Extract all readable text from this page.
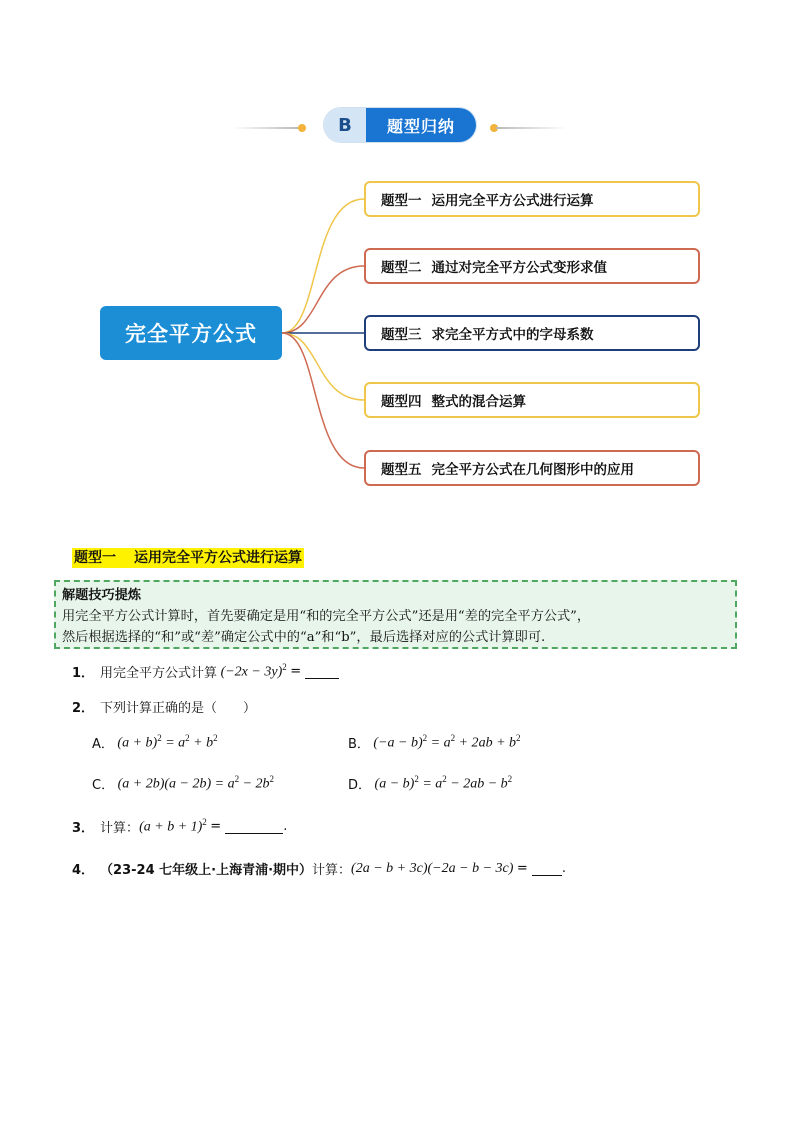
B	题型归纳
完全平方公式
题型一 运用完全平方公式进行运算
题型二 通过对完全平方公式变形求值
题型三 求完全平方式中的字母系数
题型四 整式的混合运算
题型五 完全平方公式在几何图形中的应用
题型一 运用完全平方公式进行运算
解题技巧提炼
用完全平方公式计算时，首先要确定是用“和的完全平方公式”还是用“差的完全平方公式”，
然后根据选择的“和”或“差”确定公式中的“a”和“b”，最后选择对应的公式计算即可.
1． 用完全平方公式计算 $(-2x - 3y)^2$ =
2． 下列计算正确的是（　　）
A． $(a + b)^2 = a^2 + b^2$	B． $(-a - b)^2 = a^2 + 2ab + b^2$
C． $(a + 2b)(a - 2b) = a^2 - 2b^2$	D． $(a - b)^2 = a^2 - 2ab - b^2$
3． 计算： $(a + b + 1)^2$ =	.
4． （23-24 七年级上·上海青浦·期中） 计算： (2a − b + 3c)(−2a − b − 3c) =	.
